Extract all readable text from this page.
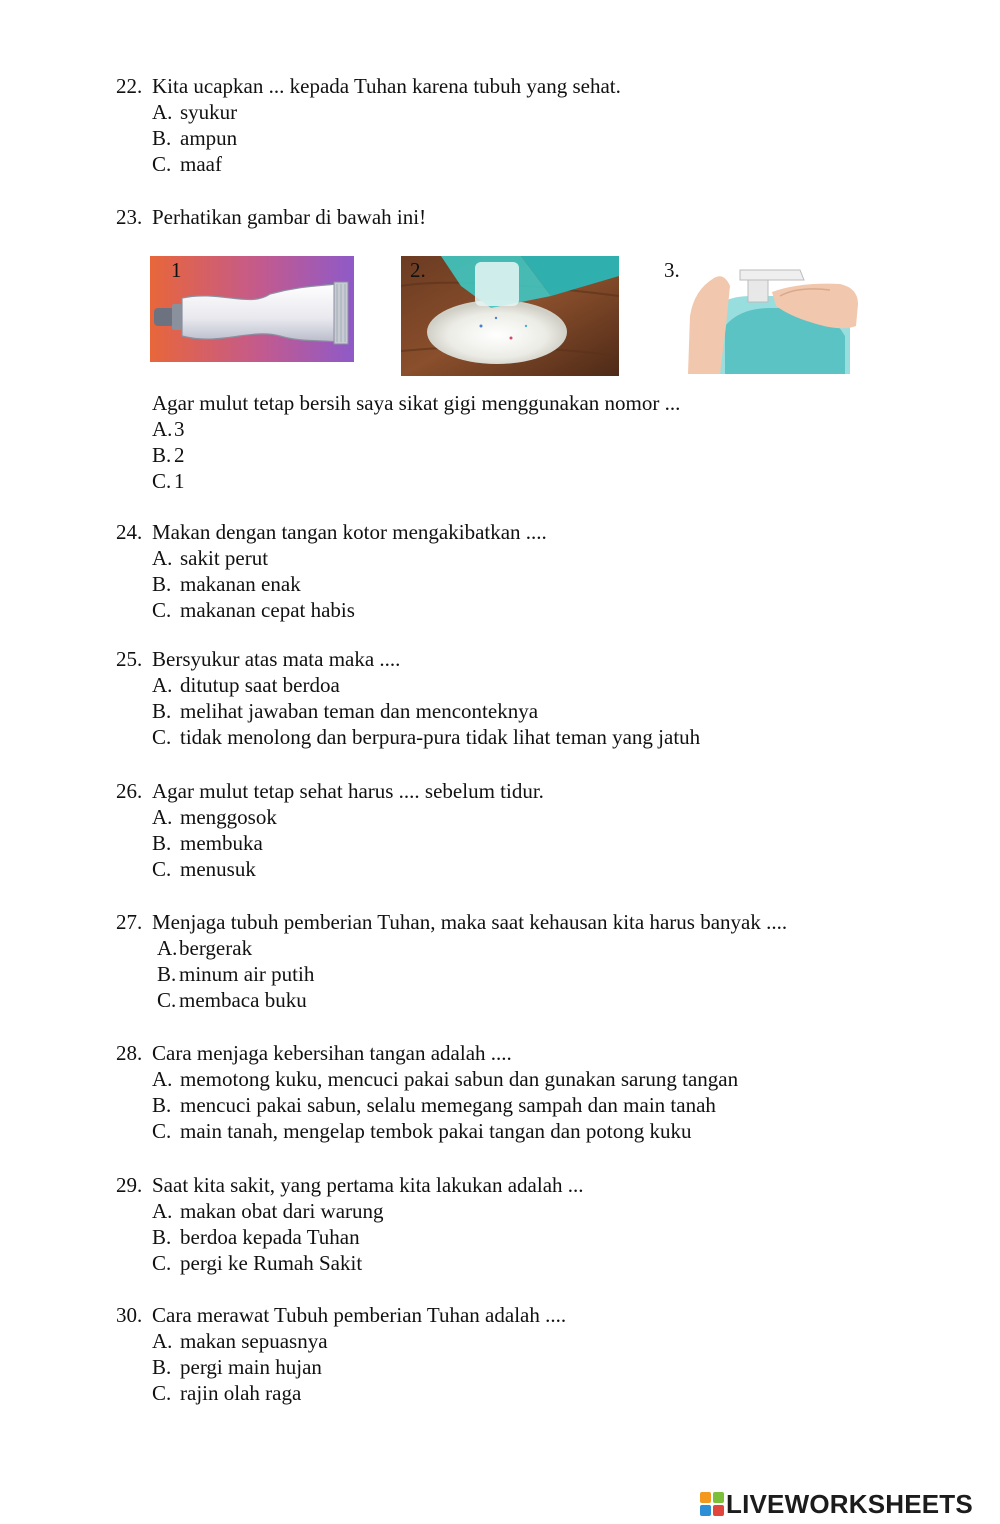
22. Kita ucapkan ... kepada Tuhan karena tubuh yang sehat.
A. syukur
B. ampun
C. maaf
23. Perhatikan gambar di bawah ini!
1	2.	3.
Agar mulut tetap bersih saya sikat gigi menggunakan nomor ...
A. 3
B. 2
C. 1
24. Makan dengan tangan kotor mengakibatkan ....
A. sakit perut
B. makanan enak
C. makanan cepat habis
25. Bersyukur atas mata maka ....
A. ditutup saat berdoa
B. melihat jawaban teman dan menconteknya
C. tidak menolong dan berpura-pura tidak lihat teman yang jatuh
26. Agar mulut tetap sehat harus .... sebelum tidur.
A. menggosok
B. membuka
C. menusuk
27. Menjaga tubuh pemberian Tuhan, maka saat kehausan kita harus banyak ....
A. bergerak
B. minum air putih
C. membaca buku
28. Cara menjaga kebersihan tangan adalah ....
A. memotong kuku, mencuci pakai sabun dan gunakan sarung tangan
B. mencuci pakai sabun, selalu memegang sampah dan main tanah
C. main tanah, mengelap tembok pakai tangan dan potong kuku
29. Saat kita sakit, yang pertama kita lakukan adalah ...
A. makan obat dari warung
B. berdoa kepada Tuhan
C. pergi ke Rumah Sakit
30. Cara merawat Tubuh pemberian Tuhan adalah ....
A. makan sepuasnya
B. pergi main hujan
C. rajin olah raga
LIVEWORKSHEETS
